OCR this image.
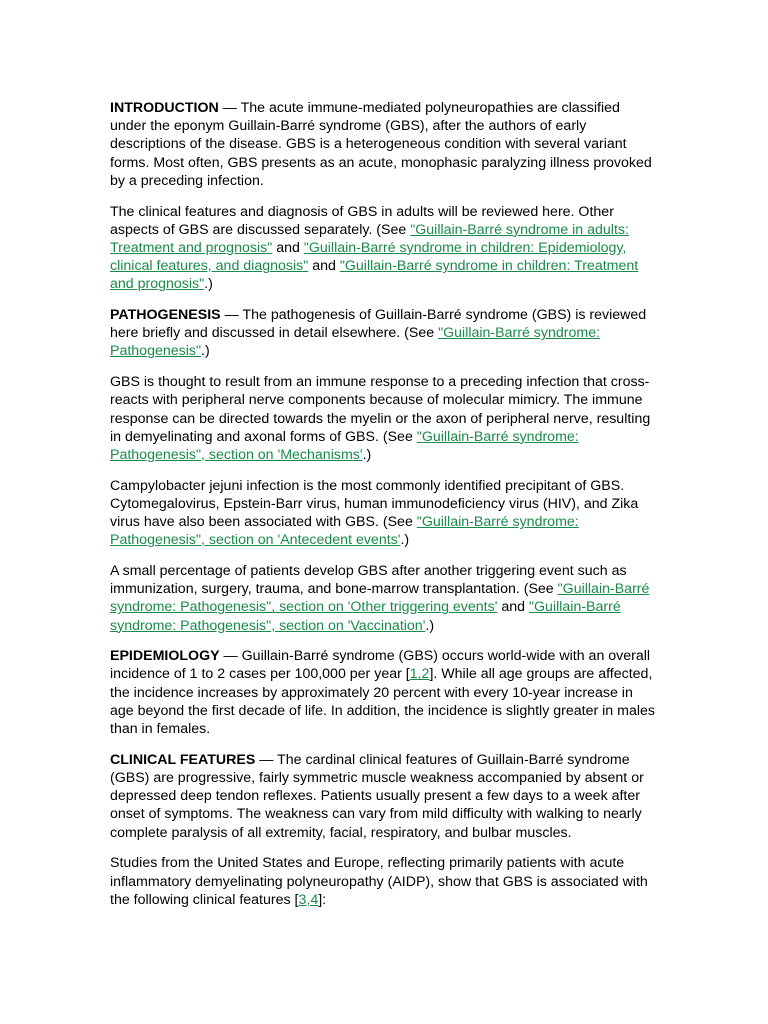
INTRODUCTION — The acute immune-mediated polyneuropathies are classified under the eponym Guillain-Barré syndrome (GBS), after the authors of early descriptions of the disease. GBS is a heterogeneous condition with several variant forms. Most often, GBS presents as an acute, monophasic paralyzing illness provoked by a preceding infection.

The clinical features and diagnosis of GBS in adults will be reviewed here. Other aspects of GBS are discussed separately. (See "Guillain-Barré syndrome in adults: Treatment and prognosis" and "Guillain-Barré syndrome in children: Epidemiology, clinical features, and diagnosis" and "Guillain-Barré syndrome in children: Treatment and prognosis".)

PATHOGENESIS — The pathogenesis of Guillain-Barré syndrome (GBS) is reviewed here briefly and discussed in detail elsewhere. (See "Guillain-Barré syndrome: Pathogenesis".)

GBS is thought to result from an immune response to a preceding infection that cross-reacts with peripheral nerve components because of molecular mimicry. The immune response can be directed towards the myelin or the axon of peripheral nerve, resulting in demyelinating and axonal forms of GBS. (See "Guillain-Barré syndrome: Pathogenesis", section on 'Mechanisms'.)

Campylobacter jejuni infection is the most commonly identified precipitant of GBS. Cytomegalovirus, Epstein-Barr virus, human immunodeficiency virus (HIV), and Zika virus have also been associated with GBS. (See "Guillain-Barré syndrome: Pathogenesis", section on 'Antecedent events'.)

A small percentage of patients develop GBS after another triggering event such as immunization, surgery, trauma, and bone-marrow transplantation. (See "Guillain-Barré syndrome: Pathogenesis", section on 'Other triggering events' and "Guillain-Barré syndrome: Pathogenesis", section on 'Vaccination'.)

EPIDEMIOLOGY — Guillain-Barré syndrome (GBS) occurs world-wide with an overall incidence of 1 to 2 cases per 100,000 per year [1,2]. While all age groups are affected, the incidence increases by approximately 20 percent with every 10-year increase in age beyond the first decade of life. In addition, the incidence is slightly greater in males than in females.

CLINICAL FEATURES — The cardinal clinical features of Guillain-Barré syndrome (GBS) are progressive, fairly symmetric muscle weakness accompanied by absent or depressed deep tendon reflexes. Patients usually present a few days to a week after onset of symptoms. The weakness can vary from mild difficulty with walking to nearly complete paralysis of all extremity, facial, respiratory, and bulbar muscles.

Studies from the United States and Europe, reflecting primarily patients with acute inflammatory demyelinating polyneuropathy (AIDP), show that GBS is associated with the following clinical features [3,4]:
